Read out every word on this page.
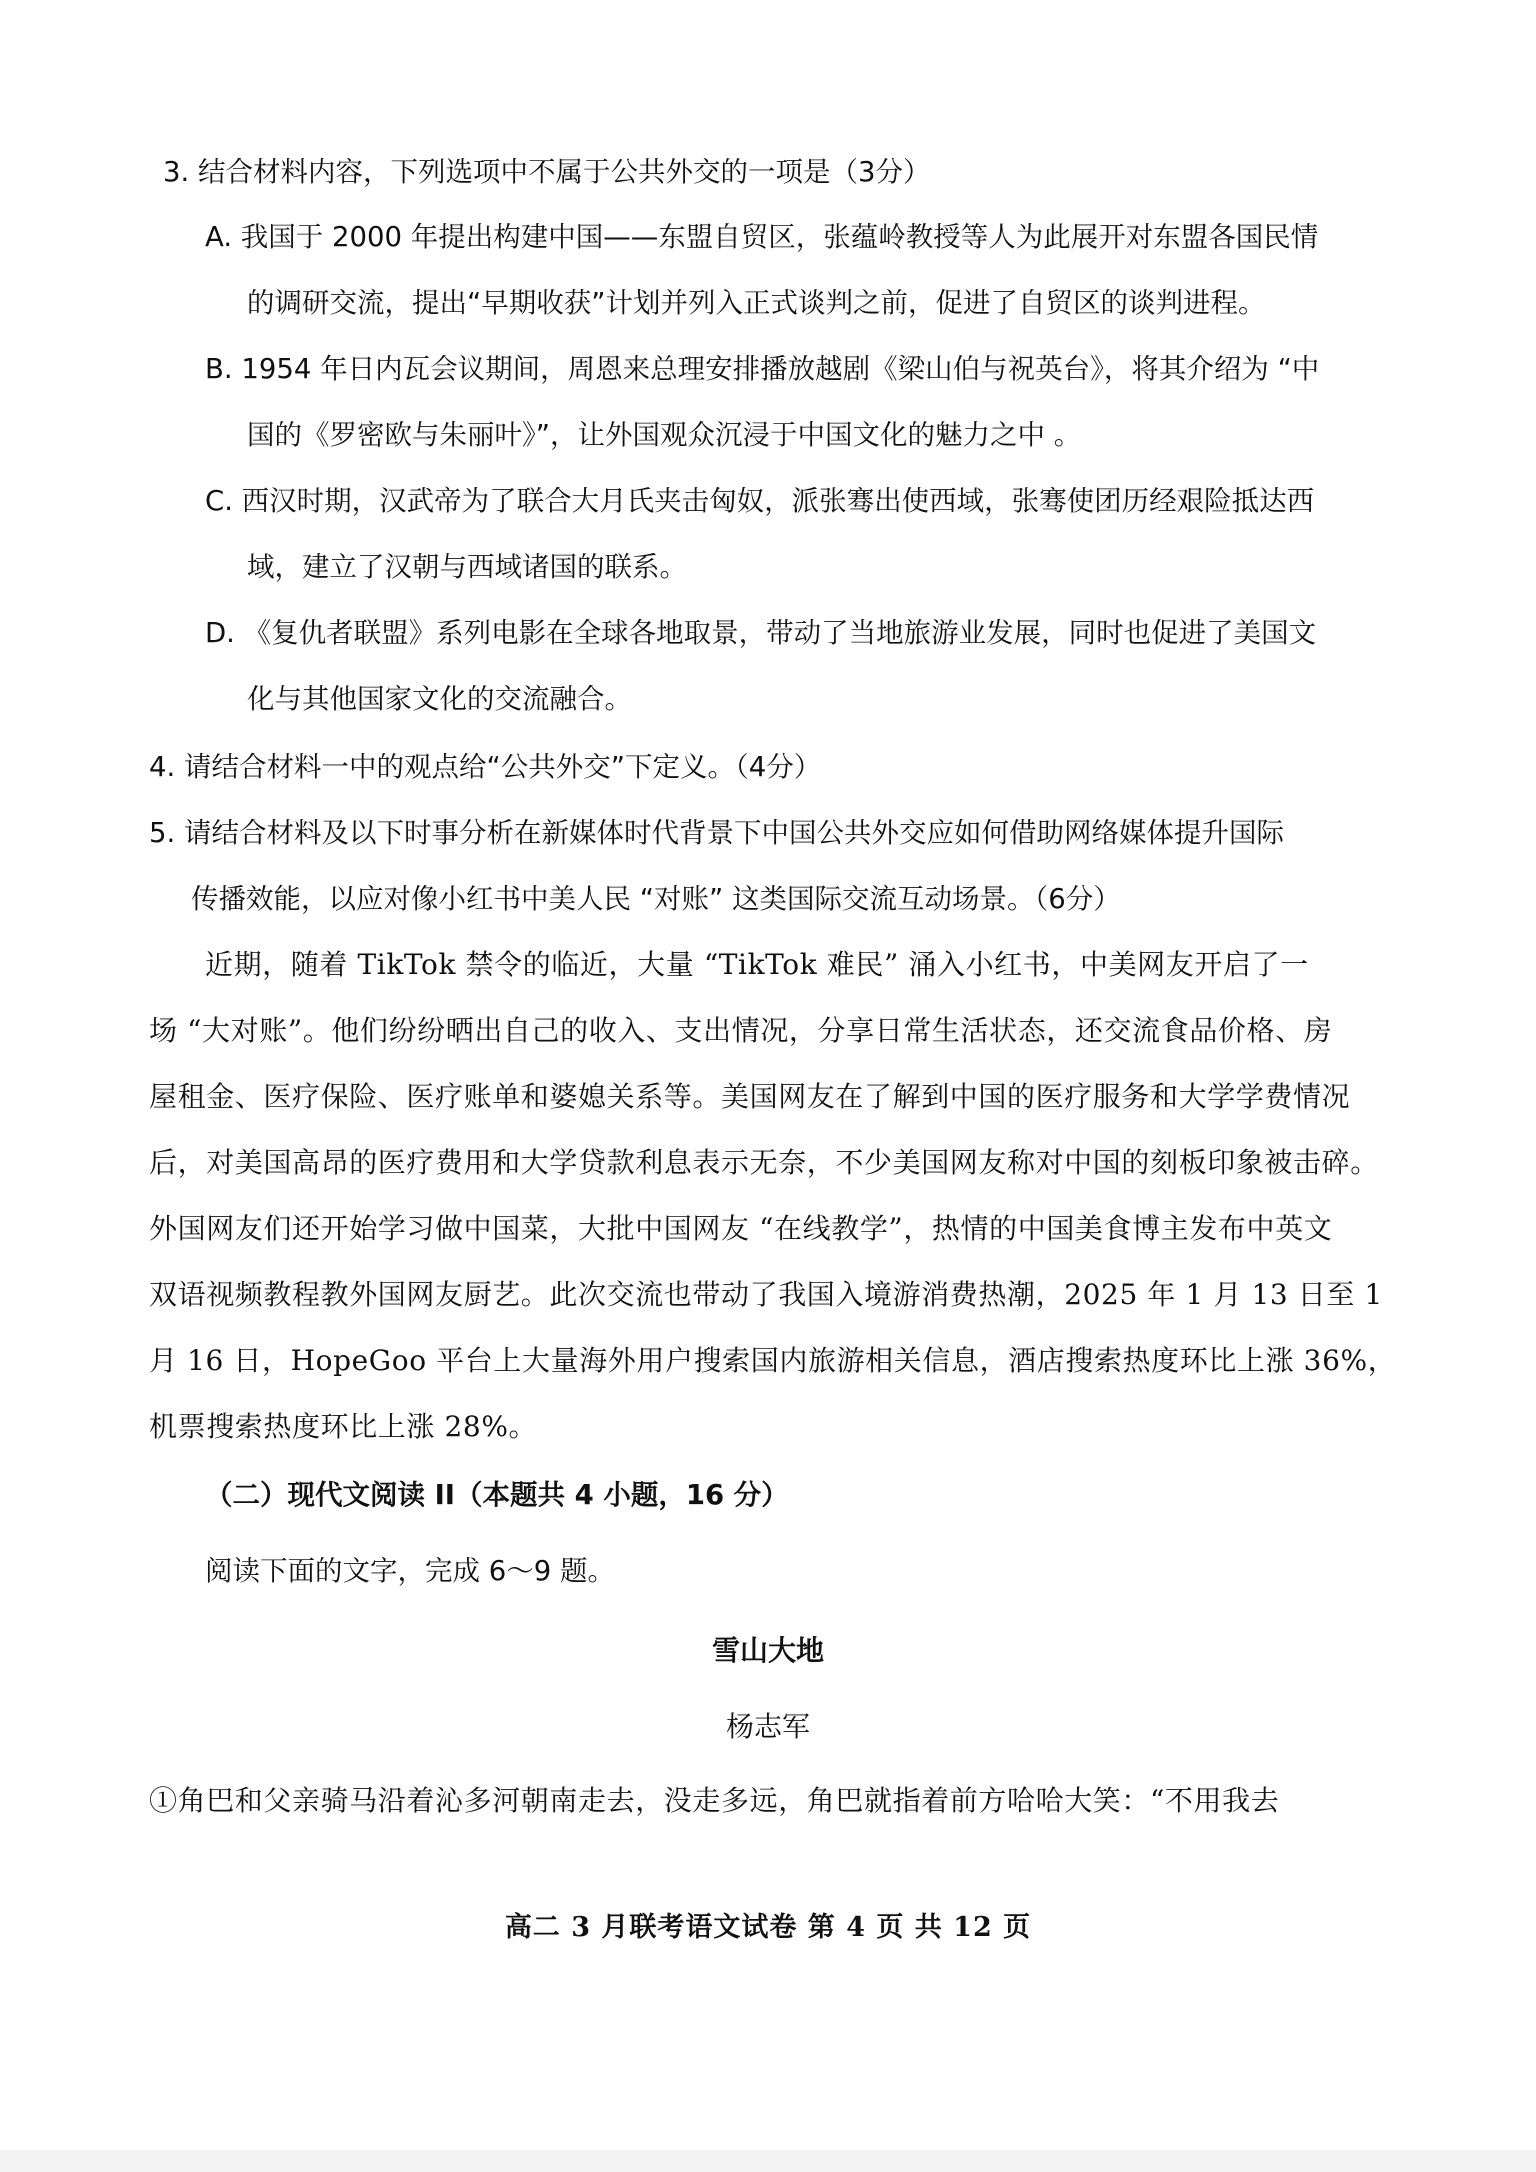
3. 结合材料内容，下列选项中不属于公共外交的一项是（3分）
A. 我国于 2000 年提出构建中国——东盟自贸区，张蕴岭教授等人为此展开对东盟各国民情
的调研交流，提出“早期收获”计划并列入正式谈判之前，促进了自贸区的谈判进程。
B. 1954 年日内瓦会议期间，周恩来总理安排播放越剧《梁山伯与祝英台》，将其介绍为 “中
国的《罗密欧与朱丽叶》”，让外国观众沉浸于中国文化的魅力之中 。
C. 西汉时期，汉武帝为了联合大月氏夹击匈奴，派张骞出使西域，张骞使团历经艰险抵达西
域，建立了汉朝与西域诸国的联系。
D. 《复仇者联盟》系列电影在全球各地取景，带动了当地旅游业发展，同时也促进了美国文
化与其他国家文化的交流融合。
4. 请结合材料一中的观点给“公共外交”下定义。（4分）
5. 请结合材料及以下时事分析在新媒体时代背景下中国公共外交应如何借助网络媒体提升国际
传播效能，以应对像小红书中美人民 “对账” 这类国际交流互动场景。（6分）
近期，随着 TikTok 禁令的临近，大量 “TikTok 难民” 涌入小红书，中美网友开启了一
场 “大对账”。他们纷纷晒出自己的收入、支出情况，分享日常生活状态，还交流食品价格、房
屋租金、医疗保险、医疗账单和婆媳关系等。美国网友在了解到中国的医疗服务和大学学费情况
后，对美国高昂的医疗费用和大学贷款利息表示无奈，不少美国网友称对中国的刻板印象被击碎。
外国网友们还开始学习做中国菜，大批中国网友 “在线教学”，热情的中国美食博主发布中英文
双语视频教程教外国网友厨艺。此次交流也带动了我国入境游消费热潮，2025 年 1 月 13 日至 1
月 16 日，HopeGoo 平台上大量海外用户搜索国内旅游相关信息，酒店搜索热度环比上涨 36%，
机票搜索热度环比上涨 28%。
（二）现代文阅读 II（本题共 4 小题，16 分）
阅读下面的文字，完成 6～9 题。
雪山大地
杨志军
①角巴和父亲骑马沿着沁多河朝南走去，没走多远，角巴就指着前方哈哈大笑：“不用我去
高二 3 月联考语文试卷 第 4 页 共 12 页
